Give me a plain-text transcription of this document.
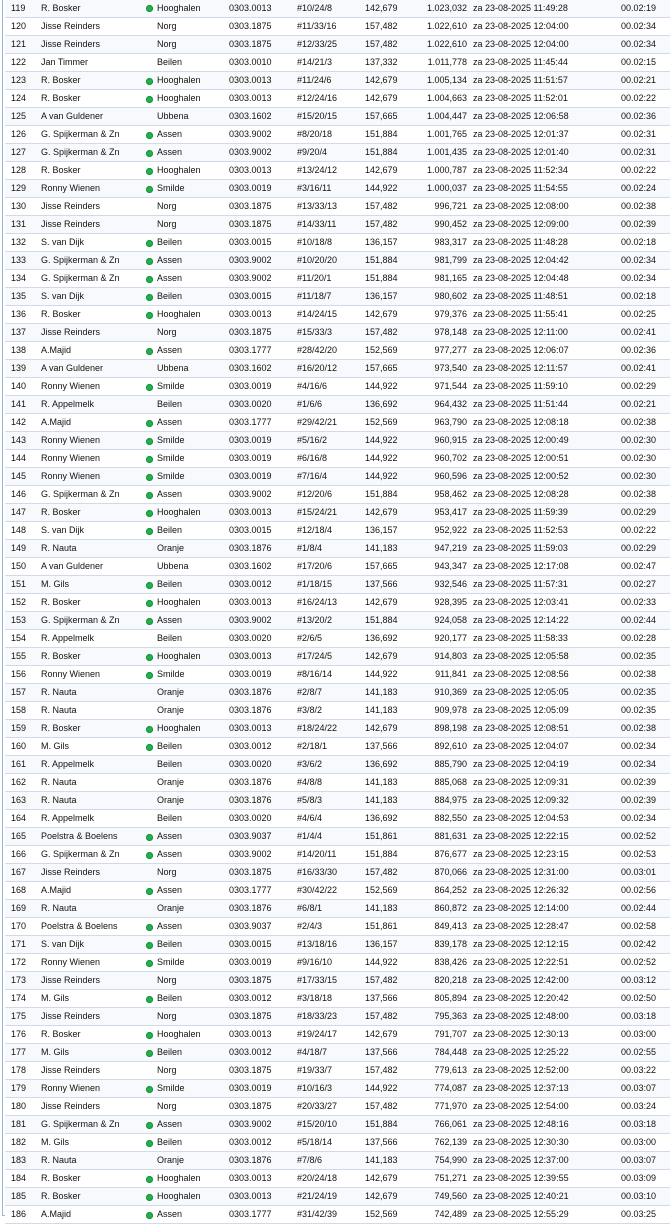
119	R. Bosker		Hooghalen	0303.0013	#10/24/8	142,679	1.023,032	za 23-08-2025 11:49:28	00.02:19
120	Jisse Reinders		Norg	0303.1875	#11/33/16	157,482	1.022,610	za 23-08-2025 12:04:00	00.02:34
121	Jisse Reinders		Norg	0303.1875	#12/33/25	157,482	1.022,610	za 23-08-2025 12:04:00	00.02:34
122	Jan Timmer		Beilen	0303.0010	#14/21/3	137,332	1.011,778	za 23-08-2025 11:45:44	00.02:15
123	R. Bosker		Hooghalen	0303.0013	#11/24/6	142,679	1.005,134	za 23-08-2025 11:51:57	00.02:21
124	R. Bosker		Hooghalen	0303.0013	#12/24/16	142,679	1.004,663	za 23-08-2025 11:52:01	00.02:22
125	A van Guldener		Ubbena	0303.1602	#15/20/15	157,665	1.004,447	za 23-08-2025 12:06:58	00.02:36
126	G. Spijkerman & Zn		Assen	0303.9002	#8/20/18	151,884	1.001,765	za 23-08-2025 12:01:37	00.02:31
127	G. Spijkerman & Zn		Assen	0303.9002	#9/20/4	151,884	1.001,435	za 23-08-2025 12:01:40	00.02:31
128	R. Bosker		Hooghalen	0303.0013	#13/24/12	142,679	1.000,787	za 23-08-2025 11:52:34	00.02:22
129	Ronny Wienen		Smilde	0303.0019	#3/16/11	144,922	1.000,037	za 23-08-2025 11:54:55	00.02:24
130	Jisse Reinders		Norg	0303.1875	#13/33/13	157,482	996,721	za 23-08-2025 12:08:00	00.02:38
131	Jisse Reinders		Norg	0303.1875	#14/33/11	157,482	990,452	za 23-08-2025 12:09:00	00.02:39
132	S. van Dijk		Beilen	0303.0015	#10/18/8	136,157	983,317	za 23-08-2025 11:48:28	00.02:18
133	G. Spijkerman & Zn		Assen	0303.9002	#10/20/20	151,884	981,799	za 23-08-2025 12:04:42	00.02:34
134	G. Spijkerman & Zn		Assen	0303.9002	#11/20/1	151,884	981,165	za 23-08-2025 12:04:48	00.02:34
135	S. van Dijk		Beilen	0303.0015	#11/18/7	136,157	980,602	za 23-08-2025 11:48:51	00.02:18
136	R. Bosker		Hooghalen	0303.0013	#14/24/15	142,679	979,376	za 23-08-2025 11:55:41	00.02:25
137	Jisse Reinders		Norg	0303.1875	#15/33/3	157,482	978,148	za 23-08-2025 12:11:00	00.02:41
138	A.Majid		Assen	0303.1777	#28/42/20	152,569	977,277	za 23-08-2025 12:06:07	00.02:36
139	A van Guldener		Ubbena	0303.1602	#16/20/12	157,665	973,540	za 23-08-2025 12:11:57	00.02:41
140	Ronny Wienen		Smilde	0303.0019	#4/16/6	144,922	971,544	za 23-08-2025 11:59:10	00.02:29
141	R. Appelmelk		Beilen	0303.0020	#1/6/6	136,692	964,432	za 23-08-2025 11:51:44	00.02:21
142	A.Majid		Assen	0303.1777	#29/42/21	152,569	963,790	za 23-08-2025 12:08:18	00.02:38
143	Ronny Wienen		Smilde	0303.0019	#5/16/2	144,922	960,915	za 23-08-2025 12:00:49	00.02:30
144	Ronny Wienen		Smilde	0303.0019	#6/16/8	144,922	960,702	za 23-08-2025 12:00:51	00.02:30
145	Ronny Wienen		Smilde	0303.0019	#7/16/4	144,922	960,596	za 23-08-2025 12:00:52	00.02:30
146	G. Spijkerman & Zn		Assen	0303.9002	#12/20/6	151,884	958,462	za 23-08-2025 12:08:28	00.02:38
147	R. Bosker		Hooghalen	0303.0013	#15/24/21	142,679	953,417	za 23-08-2025 11:59:39	00.02:29
148	S. van Dijk		Beilen	0303.0015	#12/18/4	136,157	952,922	za 23-08-2025 11:52:53	00.02:22
149	R. Nauta		Oranje	0303.1876	#1/8/4	141,183	947,219	za 23-08-2025 11:59:03	00.02:29
150	A van Guldener		Ubbena	0303.1602	#17/20/6	157,665	943,347	za 23-08-2025 12:17:08	00.02:47
151	M. Gils		Beilen	0303.0012	#1/18/15	137,566	932,546	za 23-08-2025 11:57:31	00.02:27
152	R. Bosker		Hooghalen	0303.0013	#16/24/13	142,679	928,395	za 23-08-2025 12:03:41	00.02:33
153	G. Spijkerman & Zn		Assen	0303.9002	#13/20/2	151,884	924,058	za 23-08-2025 12:14:22	00.02:44
154	R. Appelmelk		Beilen	0303.0020	#2/6/5	136,692	920,177	za 23-08-2025 11:58:33	00.02:28
155	R. Bosker		Hooghalen	0303.0013	#17/24/5	142,679	914,803	za 23-08-2025 12:05:58	00.02:35
156	Ronny Wienen		Smilde	0303.0019	#8/16/14	144,922	911,841	za 23-08-2025 12:08:56	00.02:38
157	R. Nauta		Oranje	0303.1876	#2/8/7	141,183	910,369	za 23-08-2025 12:05:05	00.02:35
158	R. Nauta		Oranje	0303.1876	#3/8/2	141,183	909,978	za 23-08-2025 12:05:09	00.02:35
159	R. Bosker		Hooghalen	0303.0013	#18/24/22	142,679	898,198	za 23-08-2025 12:08:51	00.02:38
160	M. Gils		Beilen	0303.0012	#2/18/1	137,566	892,610	za 23-08-2025 12:04:07	00.02:34
161	R. Appelmelk		Beilen	0303.0020	#3/6/2	136,692	885,790	za 23-08-2025 12:04:19	00.02:34
162	R. Nauta		Oranje	0303.1876	#4/8/8	141,183	885,068	za 23-08-2025 12:09:31	00.02:39
163	R. Nauta		Oranje	0303.1876	#5/8/3	141,183	884,975	za 23-08-2025 12:09:32	00.02:39
164	R. Appelmelk		Beilen	0303.0020	#4/6/4	136,692	882,550	za 23-08-2025 12:04:53	00.02:34
165	Poelstra & Boelens		Assen	0303.9037	#1/4/4	151,861	881,631	za 23-08-2025 12:22:15	00.02:52
166	G. Spijkerman & Zn		Assen	0303.9002	#14/20/11	151,884	876,677	za 23-08-2025 12:23:15	00.02:53
167	Jisse Reinders		Norg	0303.1875	#16/33/30	157,482	870,066	za 23-08-2025 12:31:00	00.03:01
168	A.Majid		Assen	0303.1777	#30/42/22	152,569	864,252	za 23-08-2025 12:26:32	00.02:56
169	R. Nauta		Oranje	0303.1876	#6/8/1	141,183	860,872	za 23-08-2025 12:14:00	00.02:44
170	Poelstra & Boelens		Assen	0303.9037	#2/4/3	151,861	849,413	za 23-08-2025 12:28:47	00.02:58
171	S. van Dijk		Beilen	0303.0015	#13/18/16	136,157	839,178	za 23-08-2025 12:12:15	00.02:42
172	Ronny Wienen		Smilde	0303.0019	#9/16/10	144,922	838,426	za 23-08-2025 12:22:51	00.02:52
173	Jisse Reinders		Norg	0303.1875	#17/33/15	157,482	820,218	za 23-08-2025 12:42:00	00.03:12
174	M. Gils		Beilen	0303.0012	#3/18/18	137,566	805,894	za 23-08-2025 12:20:42	00.02:50
175	Jisse Reinders		Norg	0303.1875	#18/33/23	157,482	795,363	za 23-08-2025 12:48:00	00.03:18
176	R. Bosker		Hooghalen	0303.0013	#19/24/17	142,679	791,707	za 23-08-2025 12:30:13	00.03:00
177	M. Gils		Beilen	0303.0012	#4/18/7	137,566	784,448	za 23-08-2025 12:25:22	00.02:55
178	Jisse Reinders		Norg	0303.1875	#19/33/7	157,482	779,613	za 23-08-2025 12:52:00	00.03:22
179	Ronny Wienen		Smilde	0303.0019	#10/16/3	144,922	774,087	za 23-08-2025 12:37:13	00.03:07
180	Jisse Reinders		Norg	0303.1875	#20/33/27	157,482	771,970	za 23-08-2025 12:54:00	00.03:24
181	G. Spijkerman & Zn		Assen	0303.9002	#15/20/10	151,884	766,061	za 23-08-2025 12:48:16	00.03:18
182	M. Gils		Beilen	0303.0012	#5/18/14	137,566	762,139	za 23-08-2025 12:30:30	00.03:00
183	R. Nauta		Oranje	0303.1876	#7/8/6	141,183	754,990	za 23-08-2025 12:37:00	00.03:07
184	R. Bosker		Hooghalen	0303.0013	#20/24/18	142,679	751,271	za 23-08-2025 12:39:55	00.03:09
185	R. Bosker		Hooghalen	0303.0013	#21/24/19	142,679	749,560	za 23-08-2025 12:40:21	00.03:10
186	A.Majid		Assen	0303.1777	#31/42/39	152,569	742,489	za 23-08-2025 12:55:29	00.03:25
